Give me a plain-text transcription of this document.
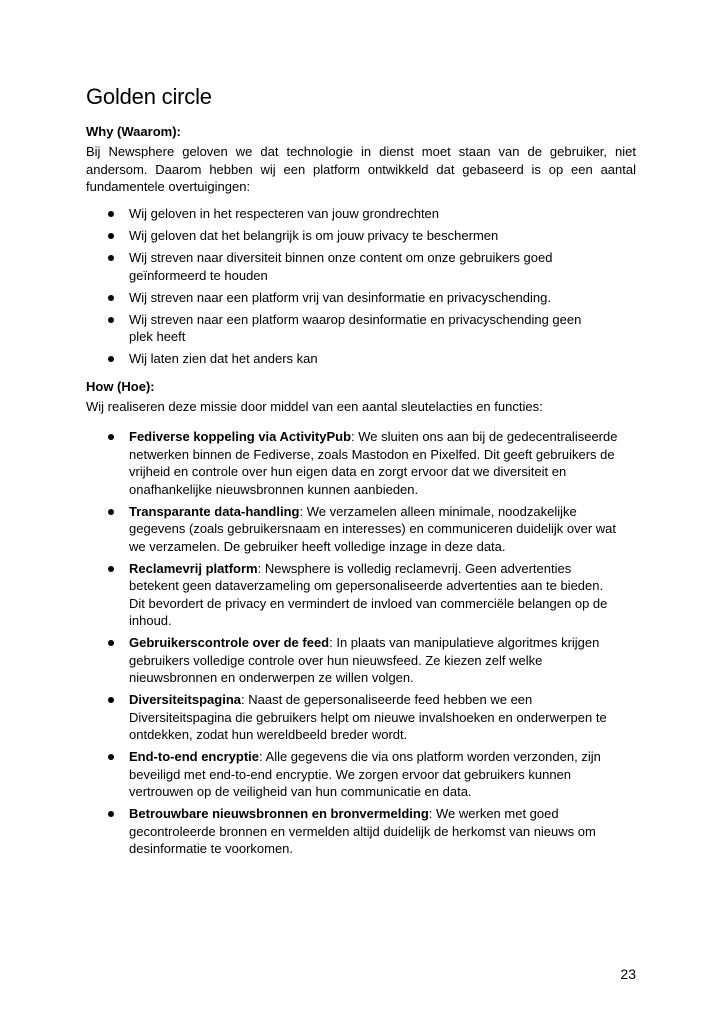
Golden circle
Why (Waarom):

Bij Newsphere geloven we dat technologie in dienst moet staan van de gebruiker, niet andersom. Daarom hebben wij een platform ontwikkeld dat gebaseerd is op een aantal fundamentele overtuigingen:

Wij geloven in het respecteren van jouw grondrechten
Wij geloven dat het belangrijk is om jouw privacy te beschermen
Wij streven naar diversiteit binnen onze content om onze gebruikers goed geïnformeerd te houden
Wij streven naar een platform vrij van desinformatie en privacyschending.
Wij streven naar een platform waarop desinformatie en privacyschending geen plek heeft
Wij laten zien dat het anders kan
How (Hoe):

Wij realiseren deze missie door middel van een aantal sleutelacties en functies:

Fediverse koppeling via ActivityPub: We sluiten ons aan bij de gedecentraliseerde netwerken binnen de Fediverse, zoals Mastodon en Pixelfed. Dit geeft gebruikers de vrijheid en controle over hun eigen data en zorgt ervoor dat we diversiteit en onafhankelijke nieuwsbronnen kunnen aanbieden.
Transparante data-handling: We verzamelen alleen minimale, noodzakelijke gegevens (zoals gebruikersnaam en interesses) en communiceren duidelijk over wat we verzamelen. De gebruiker heeft volledige inzage in deze data.
Reclamevrij platform: Newsphere is volledig reclamevrij. Geen advertenties betekent geen dataverzameling om gepersonaliseerde advertenties aan te bieden. Dit bevordert de privacy en vermindert de invloed van commerciële belangen op de inhoud.
Gebruikerscontrole over de feed: In plaats van manipulatieve algoritmes krijgen gebruikers volledige controle over hun nieuwsfeed. Ze kiezen zelf welke nieuwsbronnen en onderwerpen ze willen volgen.
Diversiteitspagina: Naast de gepersonaliseerde feed hebben we een Diversiteitspagina die gebruikers helpt om nieuwe invalshoeken en onderwerpen te ontdekken, zodat hun wereldbeeld breder wordt.
End-to-end encryptie: Alle gegevens die via ons platform worden verzonden, zijn beveiligd met end-to-end encryptie. We zorgen ervoor dat gebruikers kunnen vertrouwen op de veiligheid van hun communicatie en data.
Betrouwbare nieuwsbronnen en bronvermelding: We werken met goed gecontroleerde bronnen en vermelden altijd duidelijk de herkomst van nieuws om desinformatie te voorkomen.
23
